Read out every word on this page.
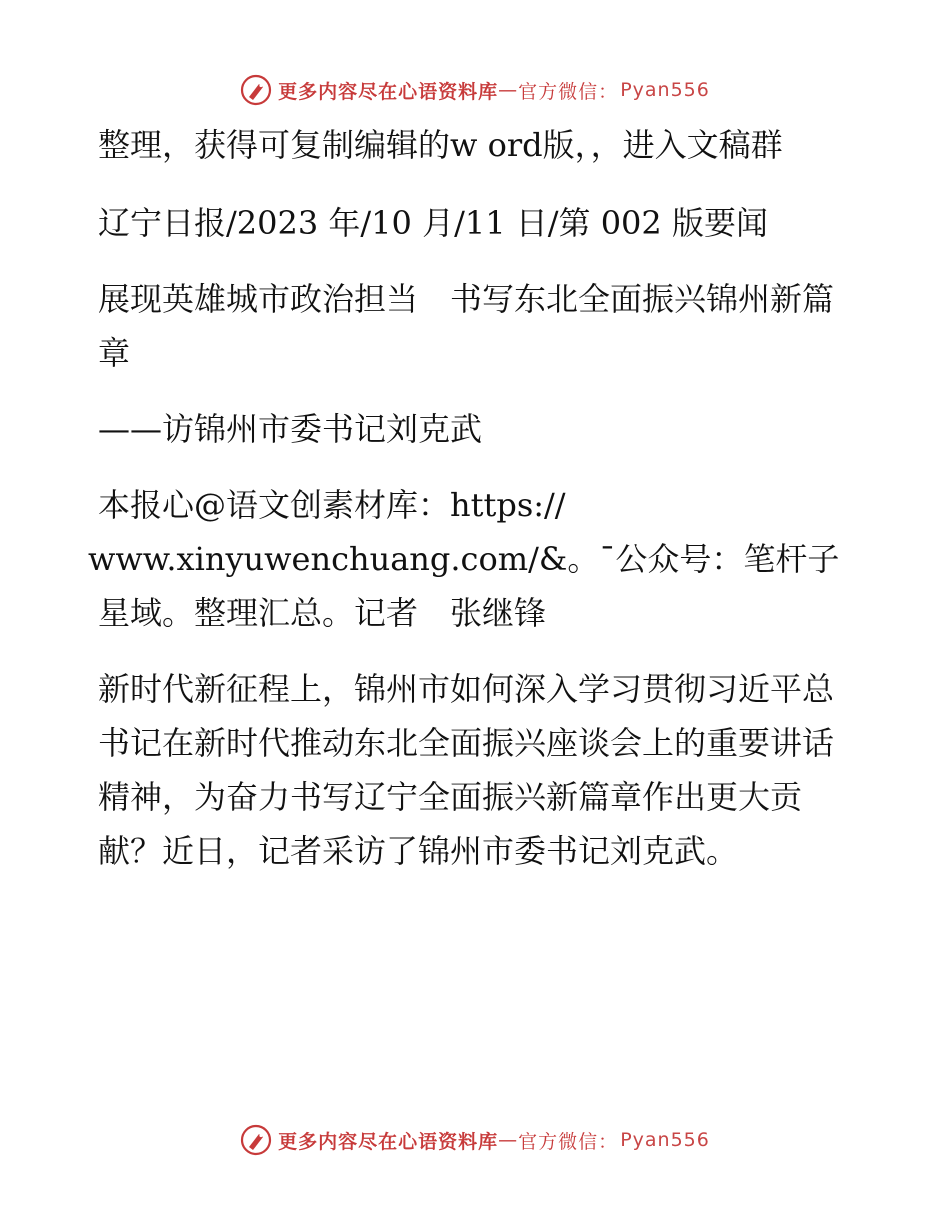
更多内容尽在心语资料库 — 官方微信： Pyan556

整理，获得可复制编辑的w ord版，，进入文稿群

辽宁日报/2023 年/10 月/11 日/第 002 版要闻

展现英雄城市政治担当　书写东北全面振兴锦州新篇章

——访锦州市委书记刘克武

本报心@语文创素材库：https://
www.xinyuwenchuang.com/&。¯公众号：笔杆子星域。整理汇总。记者　张继锋

新时代新征程上，锦州市如何深入学习贯彻习近平总书记在新时代推动东北全面振兴座谈会上的重要讲话精神，为奋力书写辽宁全面振兴新篇章作出更大贡献？近日，记者采访了锦州市委书记刘克武。

更多内容尽在心语资料库 — 官方微信： Pyan556
